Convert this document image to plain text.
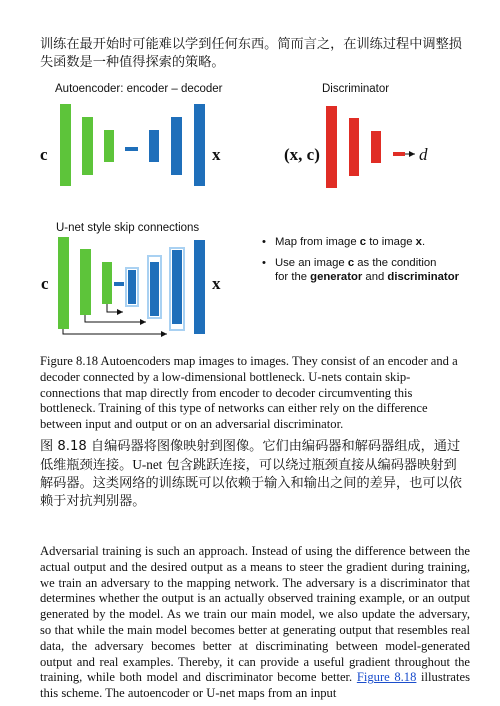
训练在最开始时可能难以学到任何东西。简而言之，在训练过程中调整损失函数是一种值得探索的策略。
Autoencoder: encoder – decoder
c	x
Discriminator
(x, c)	d
U-net style skip connections
c	x
• Map from image c to image x.
• Use an image c as the condition
for the generator and discriminator
Figure 8.18 Autoencoders map images to images. They consist of an encoder and a decoder connected by a low-dimensional bottleneck. U-nets contain skip-connections that map directly from encoder to decoder circumventing this bottleneck. Training of this type of networks can either rely on the difference between input and output or on an adversarial discriminator.
图 8.18 自编码器将图像映射到图像。它们由编码器和解码器组成，通过低维瓶颈连接。U-net 包含跳跃连接，可以绕过瓶颈直接从编码器映射到解码器。这类网络的训练既可以依赖于输入和输出之间的差异，也可以依赖于对抗判别器。
Adversarial training is such an approach. Instead of using the difference between the actual output and the desired output as a means to steer the gradient during training, we train an adversary to the mapping network. The adversary is a discriminator that determines whether the output is an actually observed training example, or an output generated by the model. As we train our main model, we also update the adversary, so that while the main model becomes better at generating output that resembles real data, the adversary becomes better at discriminating between model-generated output and real examples. Thereby, it can provide a useful gradient throughout the training, while both model and discriminator become better. Figure 8.18 illustrates this scheme. The autoencoder or U-net maps from an input
